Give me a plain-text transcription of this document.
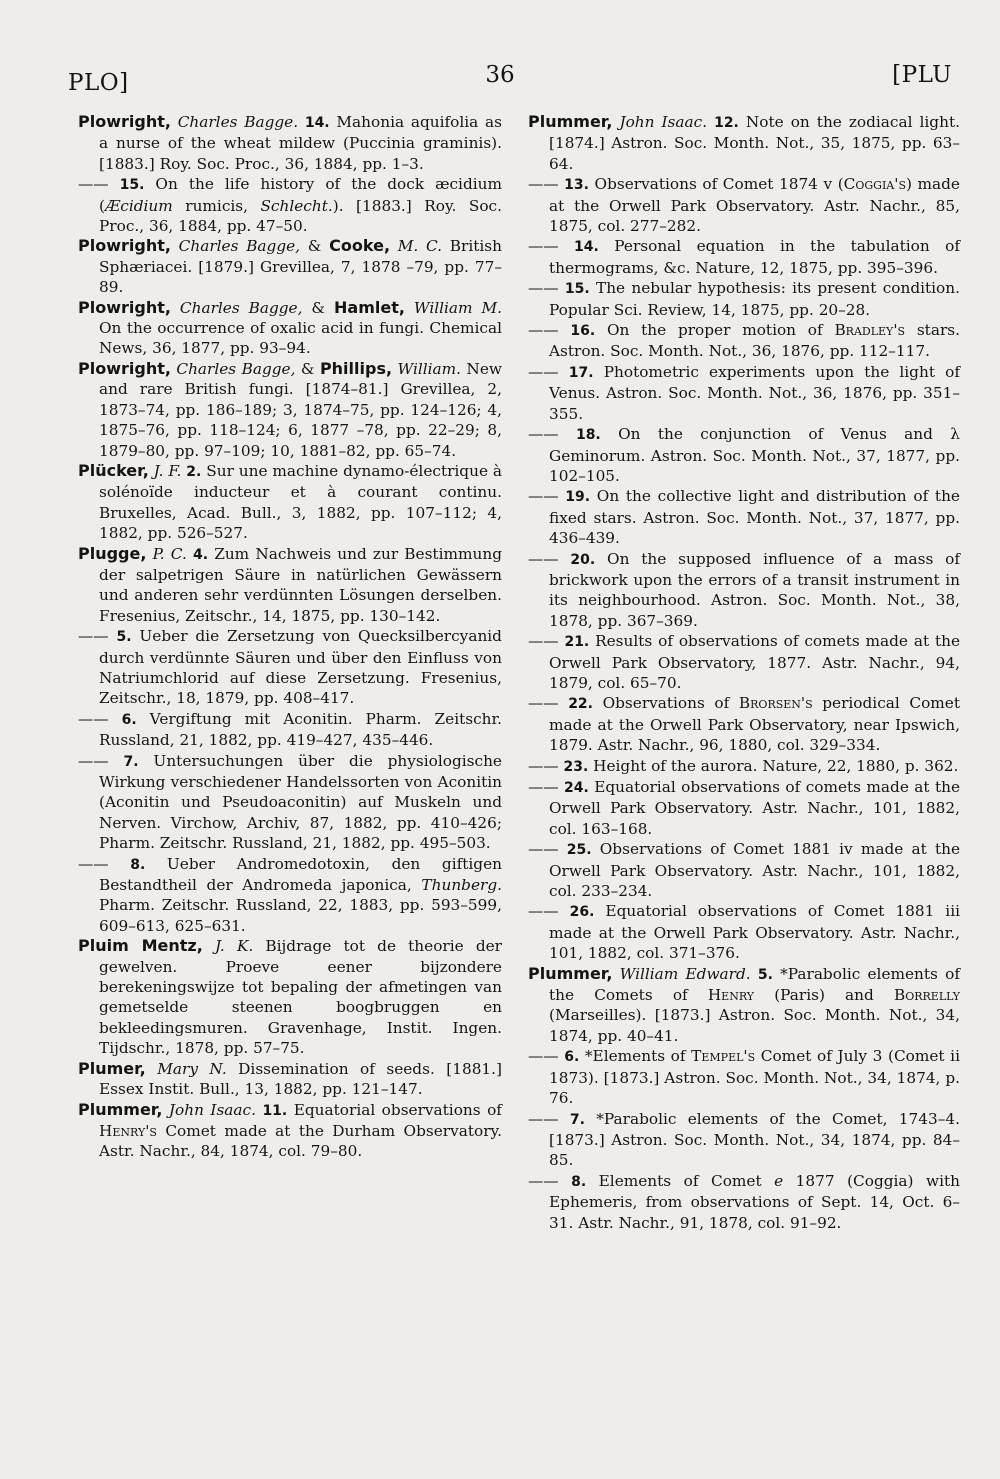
PLO]	36	[PLU

Plowright, Charles Bagge. 14. Mahonia aquifolia as a nurse of the wheat mildew (Puccinia graminis). [1883.] Roy. Soc. Proc., 36, 1884, pp. 1–3.

—— 15. On the life history of the dock æcidium (Æcidium rumicis, Schlecht.). [1883.] Roy. Soc. Proc., 36, 1884, pp. 47–50.

Plowright, Charles Bagge, & Cooke, M. C. British Sphæriacei. [1879.] Grevillea, 7, 1878 –79, pp. 77–89.

Plowright, Charles Bagge, & Hamlet, William M. On the occurrence of oxalic acid in fungi. Chemical News, 36, 1877, pp. 93–94.

Plowright, Charles Bagge, & Phillips, William. New and rare British fungi. [1874–81.] Grevillea, 2, 1873–74, pp. 186–189; 3, 1874–75, pp. 124–126; 4, 1875–76, pp. 118–124; 6, 1877 –78, pp. 22–29; 8, 1879–80, pp. 97–109; 10, 1881–82, pp. 65–74.

Plücker, J. F. 2. Sur une machine dynamo-électrique à solénoïde inducteur et à courant continu. Bruxelles, Acad. Bull., 3, 1882, pp. 107–112; 4, 1882, pp. 526–527.

Plugge, P. C. 4. Zum Nachweis und zur Bestimmung der salpetrigen Säure in natürlichen Gewässern und anderen sehr verdünnten Lösungen derselben. Fresenius, Zeitschr., 14, 1875, pp. 130–142.

—— 5. Ueber die Zersetzung von Quecksilbercyanid durch verdünnte Säuren und über den Einfluss von Natriumchlorid auf diese Zersetzung. Fresenius, Zeitschr., 18, 1879, pp. 408–417.

—— 6. Vergiftung mit Aconitin. Pharm. Zeitschr. Russland, 21, 1882, pp. 419–427, 435–446.

—— 7. Untersuchungen über die physiologische Wirkung verschiedener Handelssorten von Aconitin (Aconitin und Pseudoaconitin) auf Muskeln und Nerven. Virchow, Archiv, 87, 1882, pp. 410–426; Pharm. Zeitschr. Russland, 21, 1882, pp. 495–503.

—— 8. Ueber Andromedotoxin, den giftigen Bestandtheil der Andromeda japonica, Thunberg. Pharm. Zeitschr. Russland, 22, 1883, pp. 593–599, 609–613, 625–631.

Pluim Mentz, J. K. Bijdrage tot de theorie der gewelven. Proeve eener bijzondere berekeningswijze tot bepaling der afmetingen van gemetselde steenen boogbruggen en bekleedingsmuren. Gravenhage, Instit. Ingen. Tijdschr., 1878, pp. 57–75.

Plumer, Mary N. Dissemination of seeds. [1881.] Essex Instit. Bull., 13, 1882, pp. 121–147.

Plummer, John Isaac. 11. Equatorial observations of Henry's Comet made at the Durham Observatory. Astr. Nachr., 84, 1874, col. 79–80.

Plummer, John Isaac. 12. Note on the zodiacal light. [1874.] Astron. Soc. Month. Not., 35, 1875, pp. 63–64.

—— 13. Observations of Comet 1874 v (Coggia's) made at the Orwell Park Observatory. Astr. Nachr., 85, 1875, col. 277–282.

—— 14. Personal equation in the tabulation of thermograms, &c. Nature, 12, 1875, pp. 395–396.

—— 15. The nebular hypothesis: its present condition. Popular Sci. Review, 14, 1875, pp. 20–28.

—— 16. On the proper motion of Bradley's stars. Astron. Soc. Month. Not., 36, 1876, pp. 112–117.

—— 17. Photometric experiments upon the light of Venus. Astron. Soc. Month. Not., 36, 1876, pp. 351–355.

—— 18. On the conjunction of Venus and λ Geminorum. Astron. Soc. Month. Not., 37, 1877, pp. 102–105.

—— 19. On the collective light and distribution of the fixed stars. Astron. Soc. Month. Not., 37, 1877, pp. 436–439.

—— 20. On the supposed influence of a mass of brickwork upon the errors of a transit instrument in its neighbourhood. Astron. Soc. Month. Not., 38, 1878, pp. 367–369.

—— 21. Results of observations of comets made at the Orwell Park Observatory, 1877. Astr. Nachr., 94, 1879, col. 65–70.

—— 22. Observations of Brorsen's periodical Comet made at the Orwell Park Observatory, near Ipswich, 1879. Astr. Nachr., 96, 1880, col. 329–334.

—— 23. Height of the aurora. Nature, 22, 1880, p. 362.

—— 24. Equatorial observations of comets made at the Orwell Park Observatory. Astr. Nachr., 101, 1882, col. 163–168.

—— 25. Observations of Comet 1881 iv made at the Orwell Park Observatory. Astr. Nachr., 101, 1882, col. 233–234.

—— 26. Equatorial observations of Comet 1881 iii made at the Orwell Park Observatory. Astr. Nachr., 101, 1882, col. 371–376.

Plummer, William Edward. 5. *Parabolic elements of the Comets of Henry (Paris) and Borrelly (Marseilles). [1873.] Astron. Soc. Month. Not., 34, 1874, pp. 40–41.

—— 6. *Elements of Tempel's Comet of July 3 (Comet ii 1873). [1873.] Astron. Soc. Month. Not., 34, 1874, p. 76.

—— 7. *Parabolic elements of the Comet, 1743–4. [1873.] Astron. Soc. Month. Not., 34, 1874, pp. 84–85.

—— 8. Elements of Comet e 1877 (Coggia) with Ephemeris, from observations of Sept. 14, Oct. 6–31. Astr. Nachr., 91, 1878, col. 91–92.
